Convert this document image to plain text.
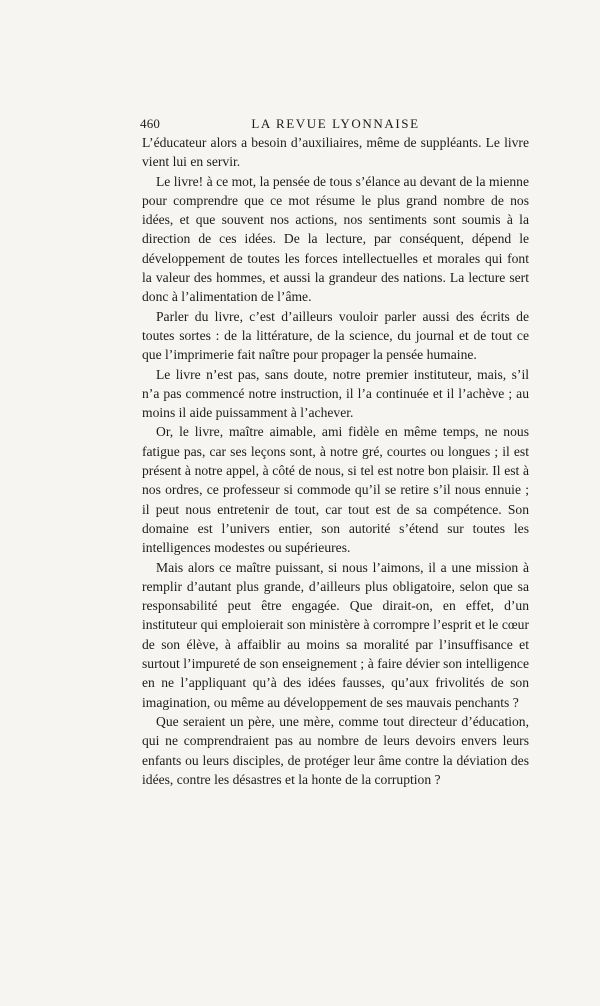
460	LA REVUE LYONNAISE

L’éducateur alors a besoin d’auxiliaires, même de suppléants. Le livre vient lui en servir.

Le livre! à ce mot, la pensée de tous s’élance au devant de la mienne pour comprendre que ce mot résume le plus grand nombre de nos idées, et que souvent nos actions, nos sentiments sont soumis à la direction de ces idées. De la lecture, par conséquent, dépend le développement de toutes les forces intellectuelles et morales qui font la valeur des hommes, et aussi la grandeur des nations. La lecture sert donc à l’alimentation de l’âme.

Parler du livre, c’est d’ailleurs vouloir parler aussi des écrits de toutes sortes : de la littérature, de la science, du journal et de tout ce que l’imprimerie fait naître pour propager la pensée humaine.

Le livre n’est pas, sans doute, notre premier instituteur, mais, s’il n’a pas commencé notre instruction, il l’a continuée et il l’achève ; au moins il aide puissamment à l’achever.

Or, le livre, maître aimable, ami fidèle en même temps, ne nous fatigue pas, car ses leçons sont, à notre gré, courtes ou longues ; il est présent à notre appel, à côté de nous, si tel est notre bon plaisir. Il est à nos ordres, ce professeur si commode qu’il se retire s’il nous ennuie ; il peut nous entretenir de tout, car tout est de sa compétence. Son domaine est l’univers entier, son autorité s’étend sur toutes les intelligences modestes ou supérieures.

Mais alors ce maître puissant, si nous l’aimons, il a une mission à remplir d’autant plus grande, d’ailleurs plus obligatoire, selon que sa responsabilité peut être engagée. Que dirait-on, en effet, d’un instituteur qui emploierait son ministère à corrompre l’esprit et le cœur de son élève, à affaiblir au moins sa moralité par l’insuffisance et surtout l’impureté de son enseignement ; à faire dévier son intelligence en ne l’appliquant qu’à des idées fausses, qu’aux frivolités de son imagination, ou même au développement de ses mauvais penchants ?

Que seraient un père, une mère, comme tout directeur d’éducation, qui ne comprendraient pas au nombre de leurs devoirs envers leurs enfants ou leurs disciples, de protéger leur âme contre la déviation des idées, contre les désastres et la honte de la corruption ?
